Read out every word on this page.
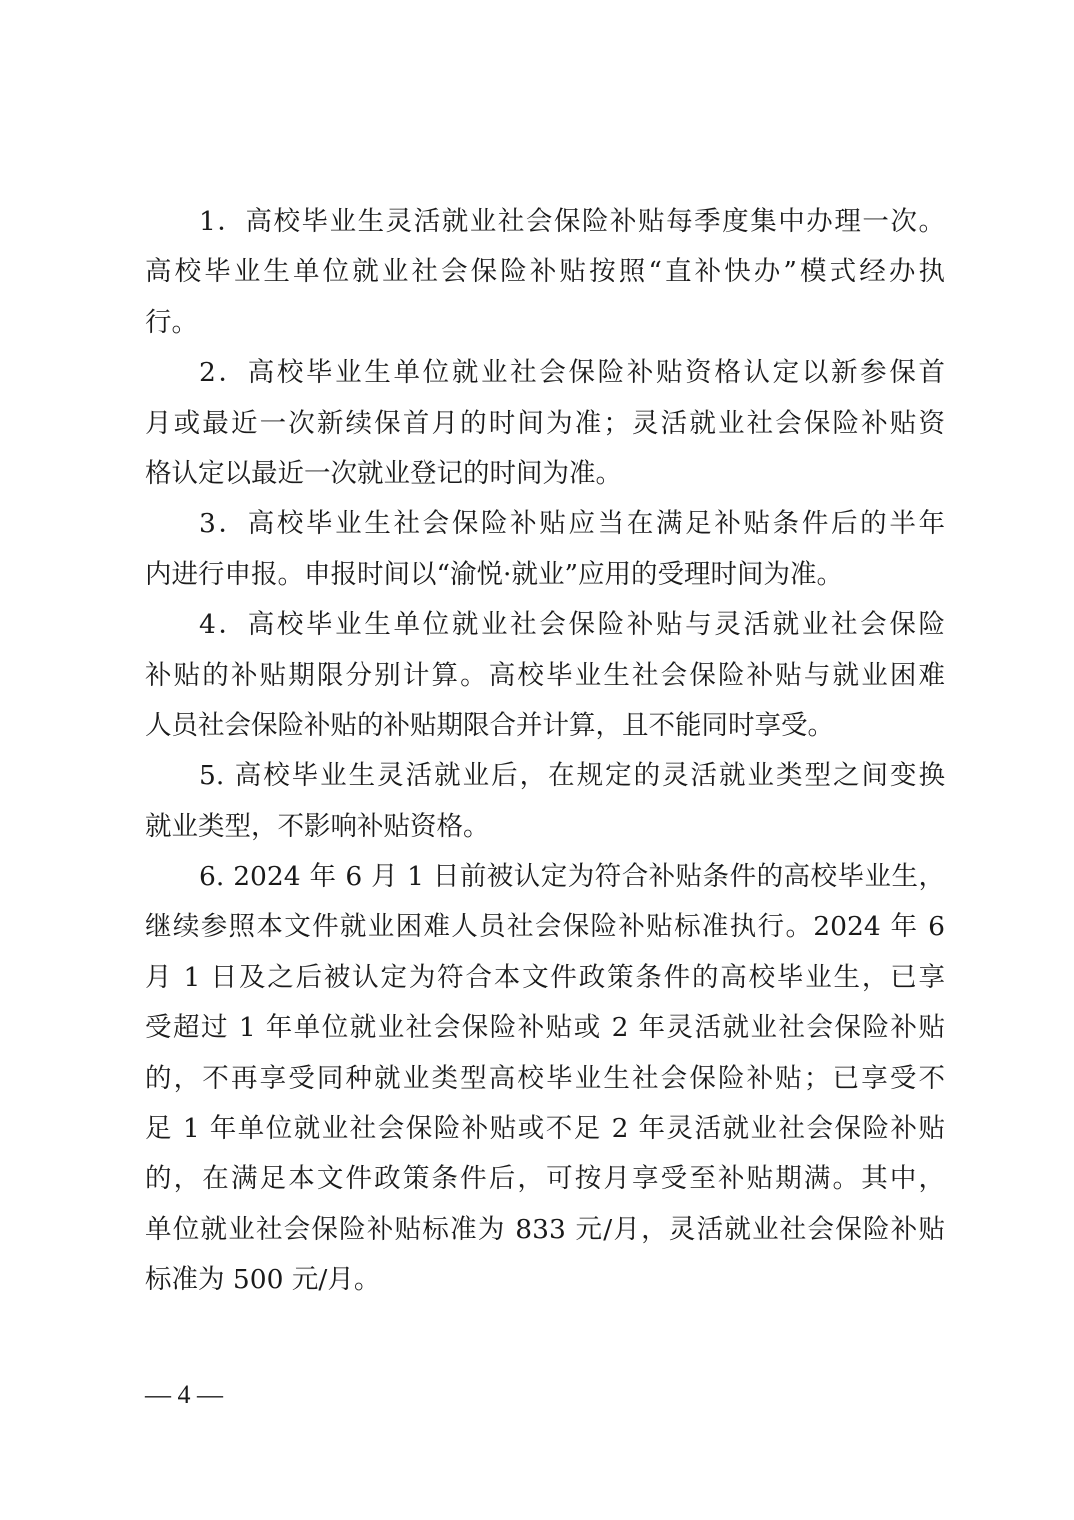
1．高校毕业生灵活就业社会保险补贴每季度集中办理一次。
高校毕业生单位就业社会保险补贴按照“直补快办”模式经办执
行。
2．高校毕业生单位就业社会保险补贴资格认定以新参保首
月或最近一次新续保首月的时间为准；灵活就业社会保险补贴资
格认定以最近一次就业登记的时间为准。
3．高校毕业生社会保险补贴应当在满足补贴条件后的半年
内进行申报。申报时间以“渝悦·就业”应用的受理时间为准。
4．高校毕业生单位就业社会保险补贴与灵活就业社会保险
补贴的补贴期限分别计算。高校毕业生社会保险补贴与就业困难
人员社会保险补贴的补贴期限合并计算，且不能同时享受。
5. 高校毕业生灵活就业后，在规定的灵活就业类型之间变换
就业类型，不影响补贴资格。
6. 2024 年 6 月 1 日前被认定为符合补贴条件的高校毕业生，
继续参照本文件就业困难人员社会保险补贴标准执行。2024 年 6
月 1 日及之后被认定为符合本文件政策条件的高校毕业生，已享
受超过 1 年单位就业社会保险补贴或 2 年灵活就业社会保险补贴
的，不再享受同种就业类型高校毕业生社会保险补贴；已享受不
足 1 年单位就业社会保险补贴或不足 2 年灵活就业社会保险补贴
的，在满足本文件政策条件后，可按月享受至补贴期满。其中，
单位就业社会保险补贴标准为 833 元/月，灵活就业社会保险补贴
标准为 500 元/月。
— 4 —
